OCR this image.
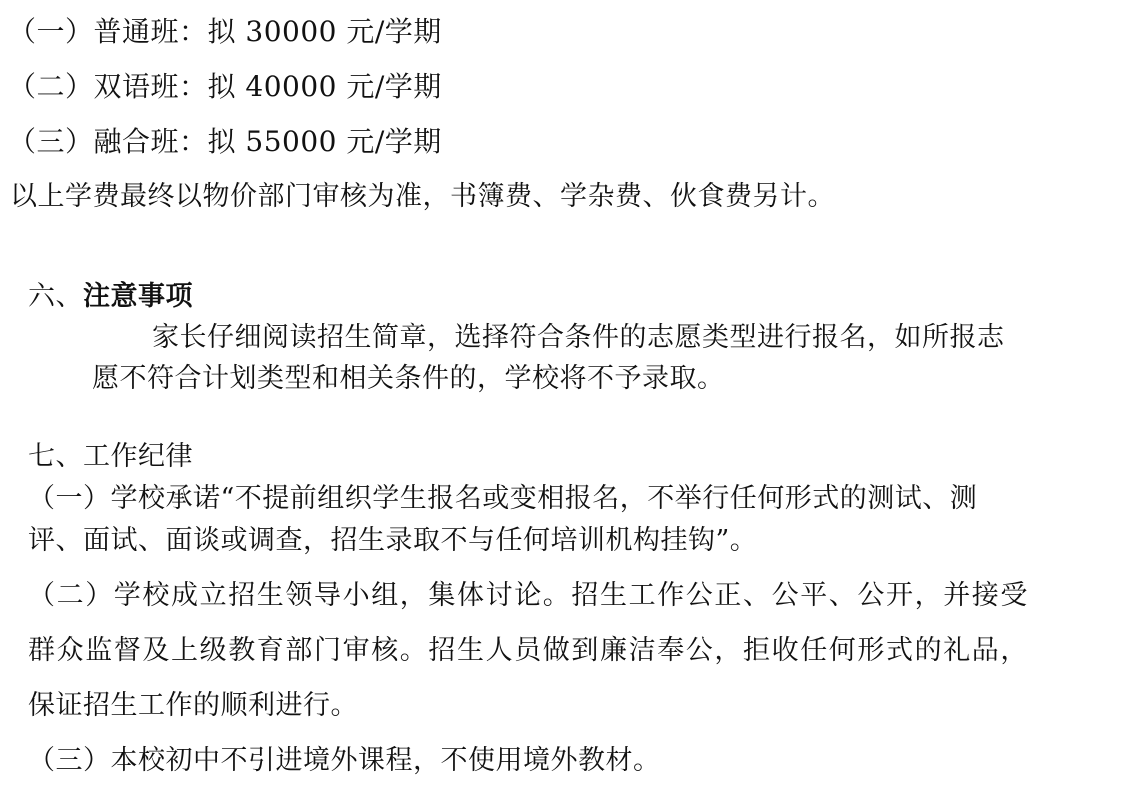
（一）普通班：拟 30000 元/学期
（二）双语班：拟 40000 元/学期
（三）融合班：拟 55000 元/学期
以上学费最终以物价部门审核为准，书簿费、学杂费、伙食费另计。
六、注意事项
家长仔细阅读招生简章，选择符合条件的志愿类型进行报名，如所报志
愿不符合计划类型和相关条件的，学校将不予录取。
七、工作纪律
（一）学校承诺“不提前组织学生报名或变相报名，不举行任何形式的测试、测
评、面试、面谈或调查，招生录取不与任何培训机构挂钩”。
（二）学校成立招生领导小组，集体讨论。招生工作公正、公平、公开，并接受
群众监督及上级教育部门审核。招生人员做到廉洁奉公，拒收任何形式的礼品，
保证招生工作的顺利进行。
（三）本校初中不引进境外课程，不使用境外教材。
